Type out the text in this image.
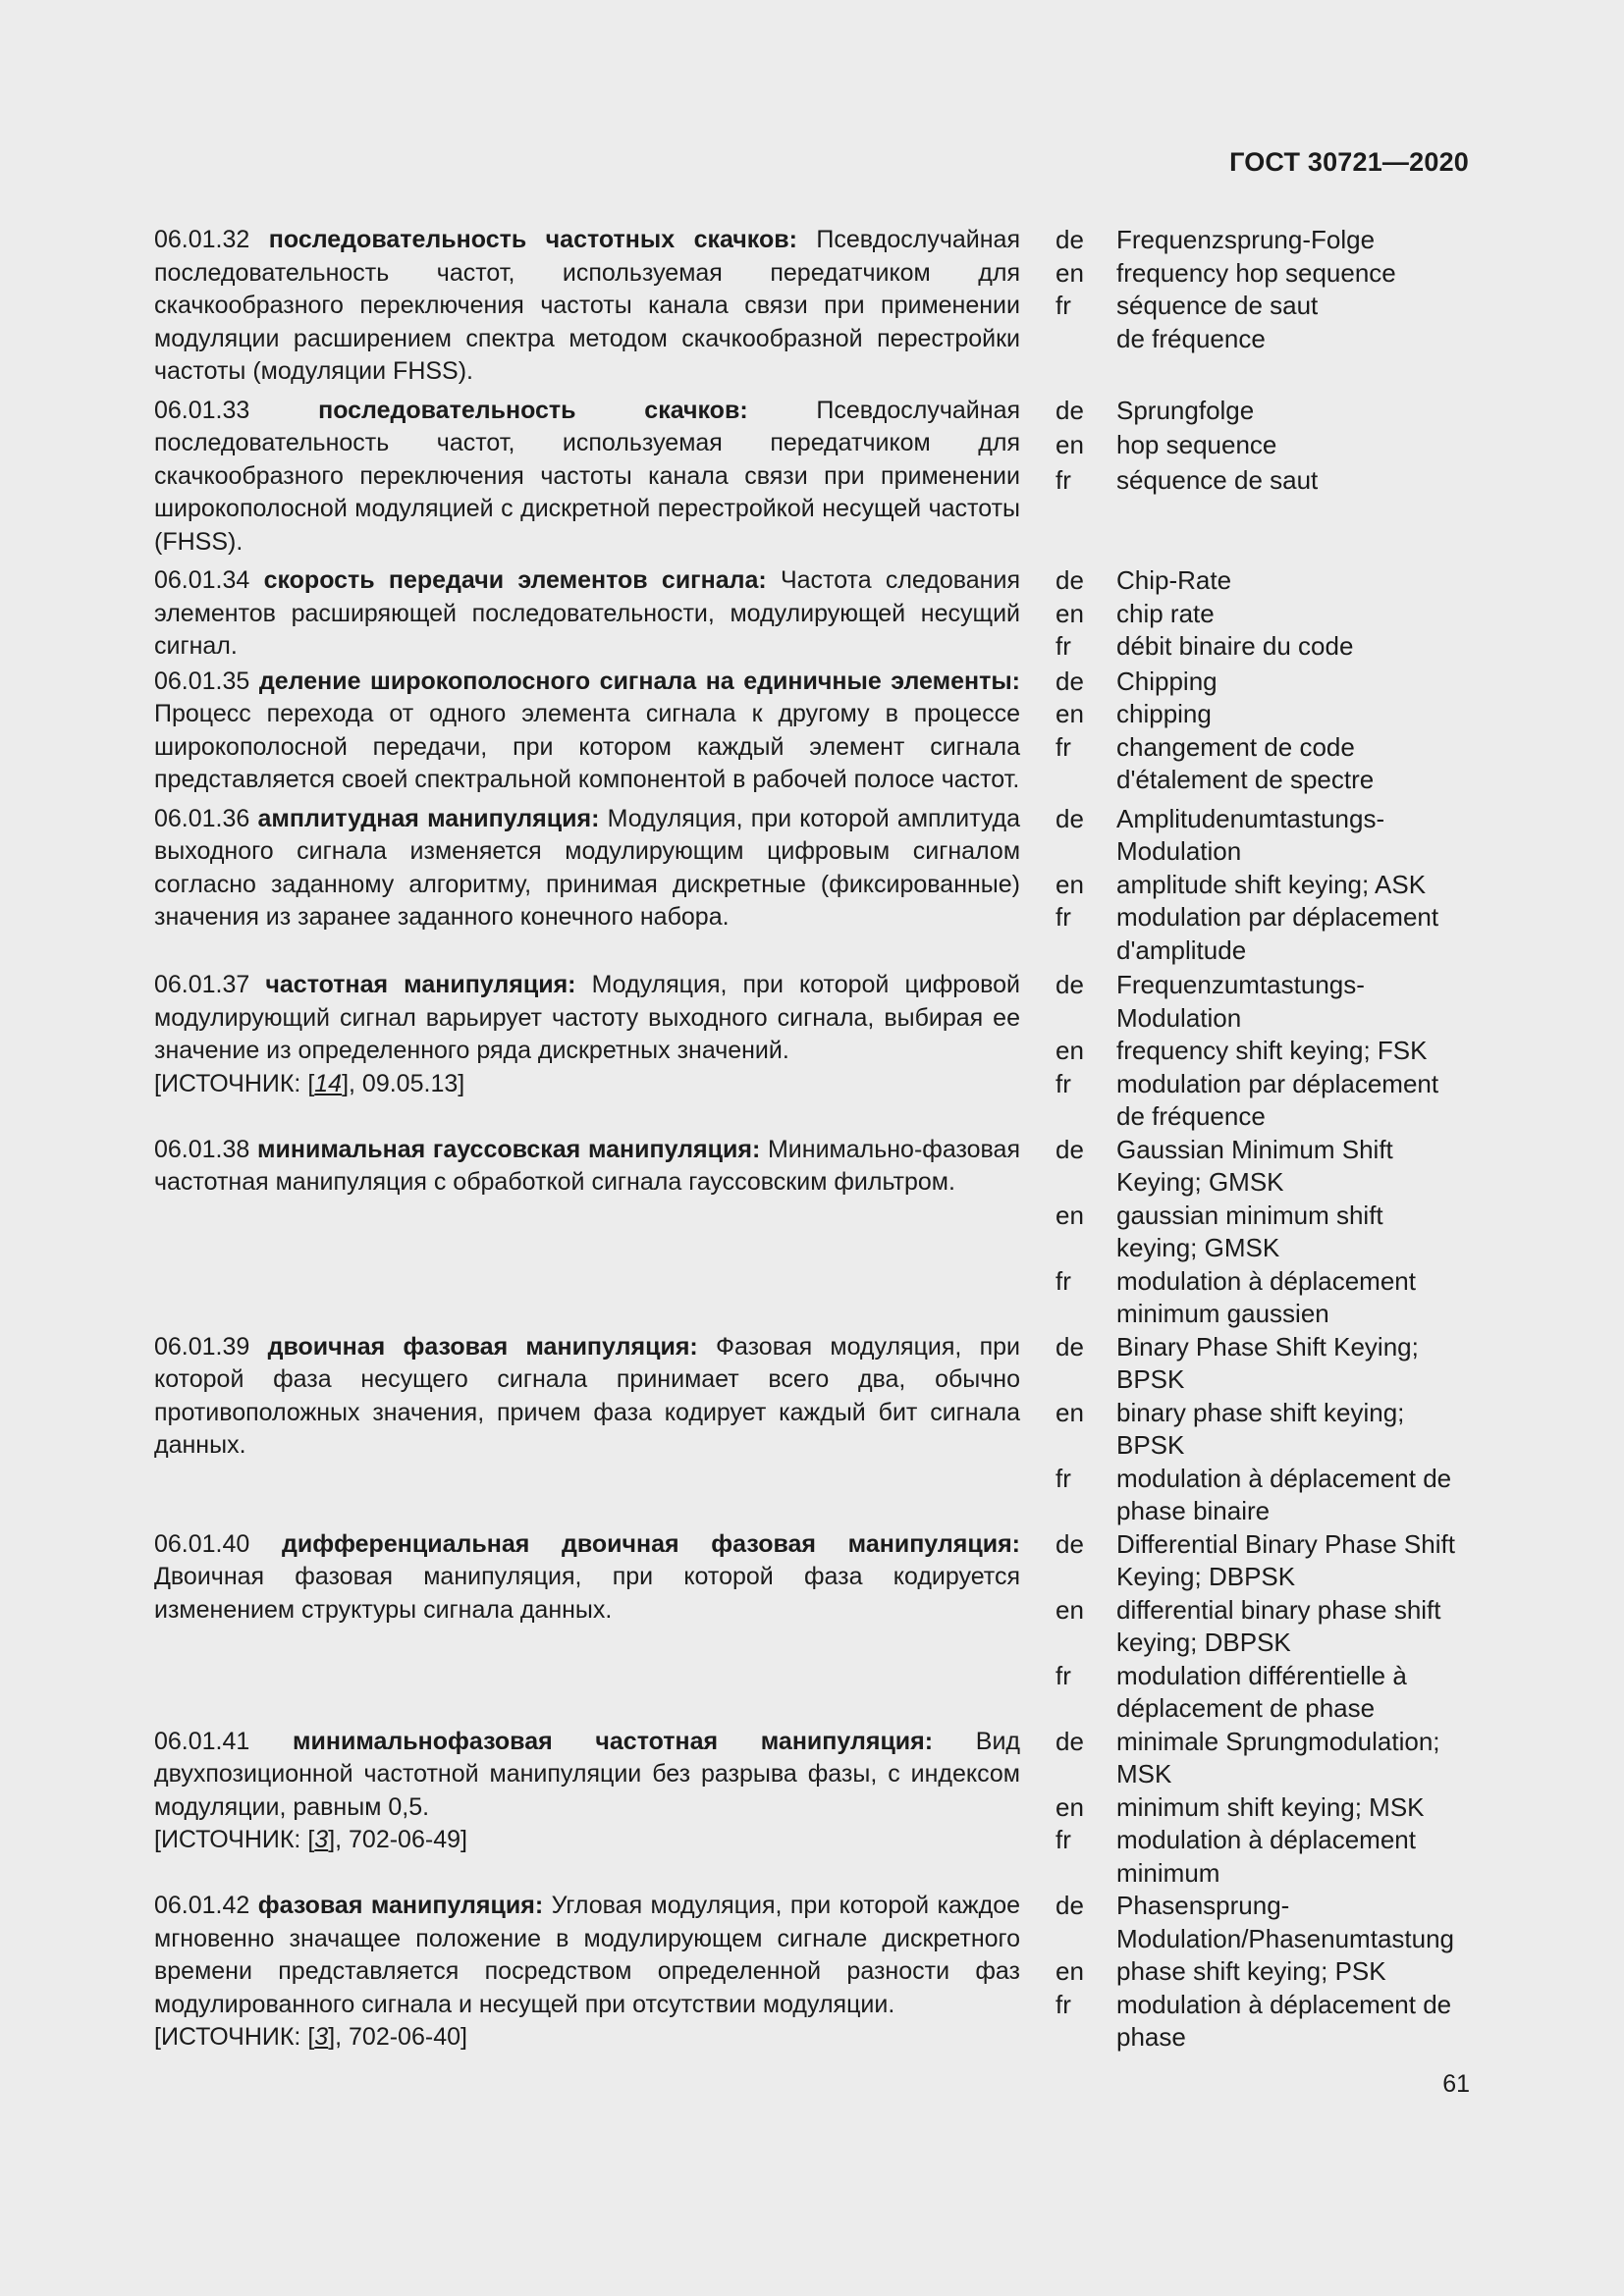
ГОСТ 30721—2020
06.01.32 последовательность частотных скачков: Псевдослучайная последовательность частот, используемая передатчиком для скачкообразного переключения частоты канала связи при применении модуляции расширением спектра методом скачкообразной перестройки частоты (модуляции FHSS).
de	Frequenzsprung-Folge
en	frequency hop sequence
fr	séquence de saut de fréquence
06.01.33	последовательность скачков:	Псевдослучайная последовательность частот, используемая передатчиком для скачкообразного переключения частоты канала связи при применении широкополосной модуляцией с дискретной перестройкой несущей частоты (FHSS).
de	Sprungfolge
en	hop sequence
fr	séquence de saut
06.01.34 скорость передачи элементов сигнала: Частота следования элементов расширяющей последовательности, модулирующей несущий сигнал.
de	Chip-Rate
en	chip rate
fr	débit binaire du code
06.01.35 деление широкополосного сигнала на единичные элементы: Процесс перехода от одного элемента сигнала к другому в процессе широкополосной передачи, при котором каждый элемент сигнала представляется своей спектральной компонентой в рабочей полосе частот.
de	Chipping
en	chipping
fr	changement de code d'étalement de spectre
06.01.36 амплитудная манипуляция: Модуляция, при которой амплитуда выходного сигнала изменяется модулирующим цифровым сигналом согласно заданному алгоритму, принимая дискретные (фиксированные) значения из заранее заданного конечного набора.
de	Amplitudenumtastungs-Modulation
en	amplitude shift keying; ASK
fr	modulation par déplacement d'amplitude
06.01.37 частотная манипуляция: Модуляция, при которой цифровой модулирующий сигнал варьирует частоту выходного сигнала, выбирая ее значение из определенного ряда дискретных значений.
[ИСТОЧНИК: [14], 09.05.13]
de	Frequenzumtastungs-Modulation
en	frequency shift keying; FSK
fr	modulation par déplacement de fréquence
06.01.38 минимальная гауссовская манипуляция: Минимально-фазовая частотная манипуляция с обработкой сигнала гауссовским фильтром.
de	Gaussian Minimum Shift Keying; GMSK
en	gaussian minimum shift keying; GMSK
fr	modulation à déplacement minimum gaussien
06.01.39 двоичная фазовая манипуляция: Фазовая модуляция, при которой фаза несущего сигнала принимает всего два, обычно противоположных значения, причем фаза кодирует каждый бит сигнала данных.
de	Binary Phase Shift Keying; BPSK
en	binary phase shift keying; BPSK
fr	modulation à déplacement de phase binaire
06.01.40 дифференциальная двоичная фазовая манипуляция: Двоичная фазовая манипуляция, при которой фаза кодируется изменением структуры сигнала данных.
de	Differential Binary Phase Shift Keying; DBPSK
en	differential binary phase shift keying; DBPSK
fr	modulation différentielle à déplacement de phase
06.01.41 минимальнофазовая частотная манипуляция: Вид двухпозиционной частотной манипуляции без разрыва фазы, с индексом модуляции, равным 0,5.
[ИСТОЧНИК: [3], 702-06-49]
de	minimale Sprungmodulation; MSK
en	minimum shift keying; MSK
fr	modulation à déplacement minimum
06.01.42 фазовая манипуляция: Угловая модуляция, при которой каждое мгновенно значащее положение в модулирующем сигнале дискретного времени представляется посредством определенной разности фаз модулированного сигнала и несущей при отсутствии модуляции.
[ИСТОЧНИК: [3], 702-06-40]
de	Phasensprung-Modulation/Phasenumtastung
en	phase shift keying; PSK
fr	modulation à déplacement de phase
61
